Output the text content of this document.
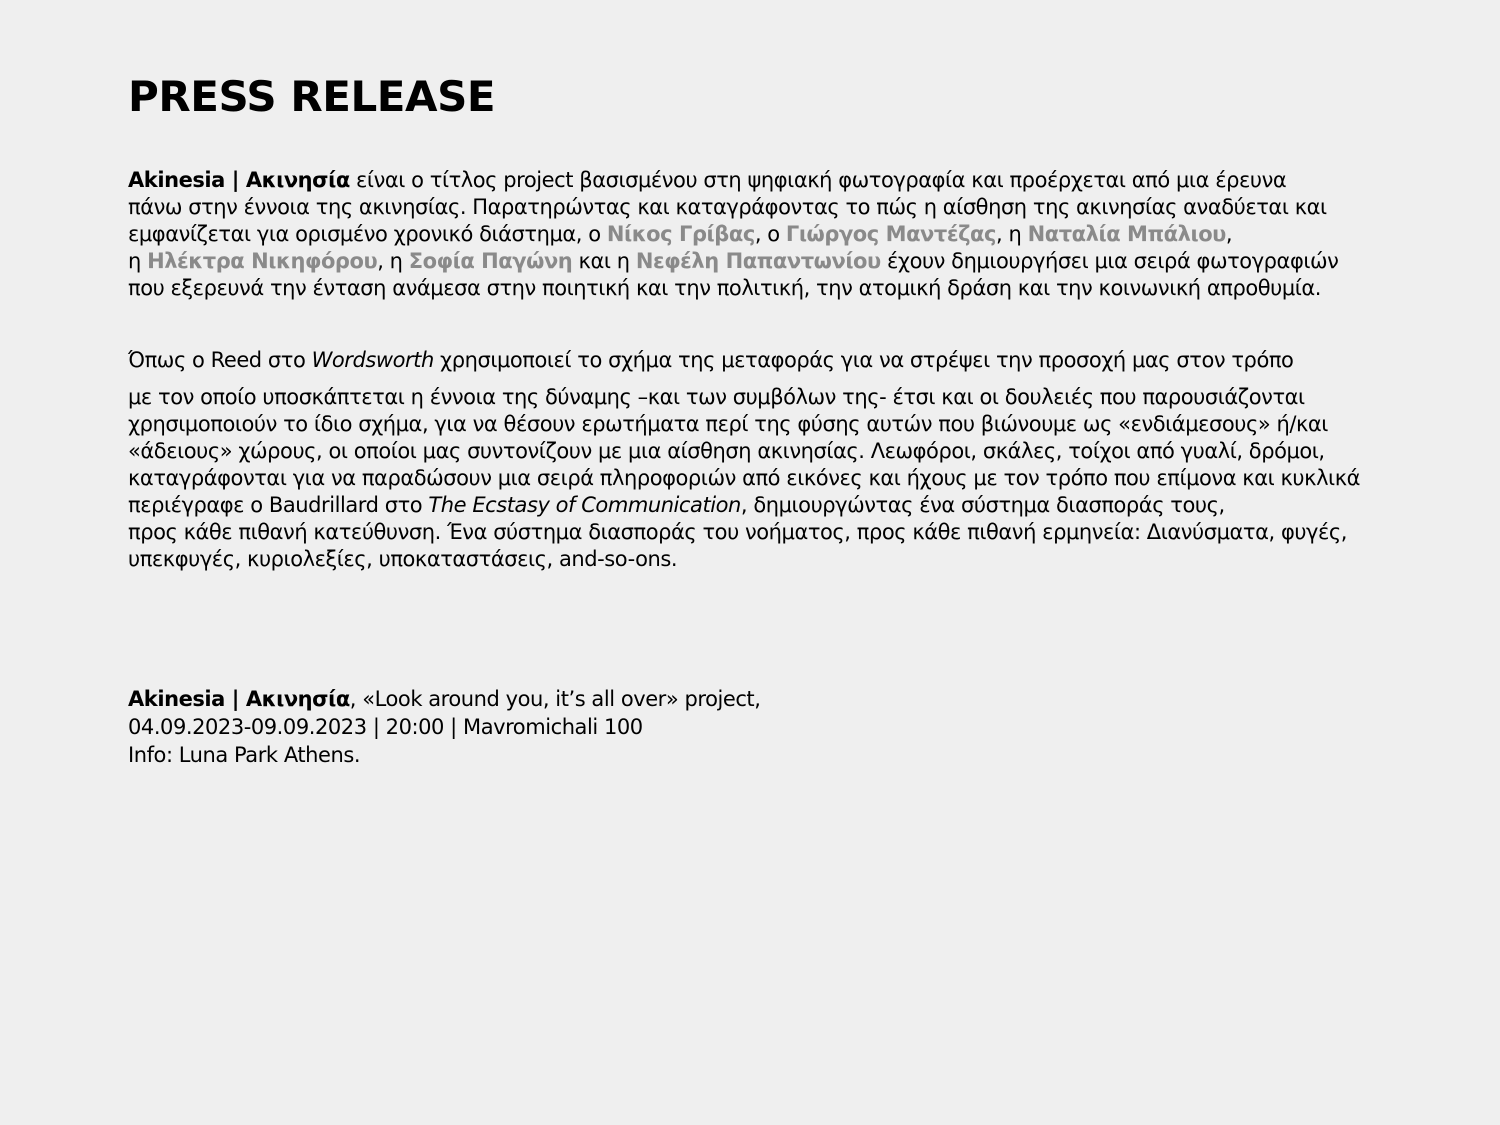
PRESS RELEASE

Akinesia | Ακινησία είναι ο τίτλος project βασισμένου στη ψηφιακή φωτογραφία και προέρχεται από μια έρευνα
πάνω στην έννοια της ακινησίας. Παρατηρώντας και καταγράφοντας το πώς η αίσθηση της ακινησίας αναδύεται και
εμφανίζεται για ορισμένο χρονικό διάστημα, ο Νίκος Γρίβας, ο Γιώργος Μαντέζας, η Ναταλία Μπάλιου,
η Ηλέκτρα Νικηφόρου, η Σοφία Παγώνη και η Νεφέλη Παπαντωνίου έχουν δημιουργήσει μια σειρά φωτογραφιών
που εξερευνά την ένταση ανάμεσα στην ποιητική και την πολιτική, την ατομική δράση και την κοινωνική απροθυμία.

Όπως ο Reed στο Wordsworth χρησιμοποιεί το σχήμα της μεταφοράς για να στρέψει την προσοχή μας στον τρόπο
με τον οποίο υποσκάπτεται η έννοια της δύναμης –και των συμβόλων της- έτσι και οι δουλειές που παρουσιάζονται
χρησιμοποιούν το ίδιο σχήμα, για να θέσουν ερωτήματα περί της φύσης αυτών που βιώνουμε ως «ενδιάμεσους» ή/και
«άδειους» χώρους, οι οποίοι μας συντονίζουν με μια αίσθηση ακινησίας. Λεωφόροι, σκάλες, τοίχοι από γυαλί, δρόμοι,
καταγράφονται για να παραδώσουν μια σειρά πληροφοριών από εικόνες και ήχους με τον τρόπο που επίμονα και κυκλικά
περιέγραφε ο Baudrillard στο The Ecstasy of Communication, δημιουργώντας ένα σύστημα διασποράς τους,
προς κάθε πιθανή κατεύθυνση. Ένα σύστημα διασποράς του νοήματος, προς κάθε πιθανή ερμηνεία: Διανύσματα, φυγές,
υπεκφυγές, κυριολεξίες, υποκαταστάσεις, and-so-ons.

Akinesia | Ακινησία, «Look around you, it’s all over» project,
04.09.2023-09.09.2023 | 20:00 | Mavromichali 100
Info: Luna Park Athens.
